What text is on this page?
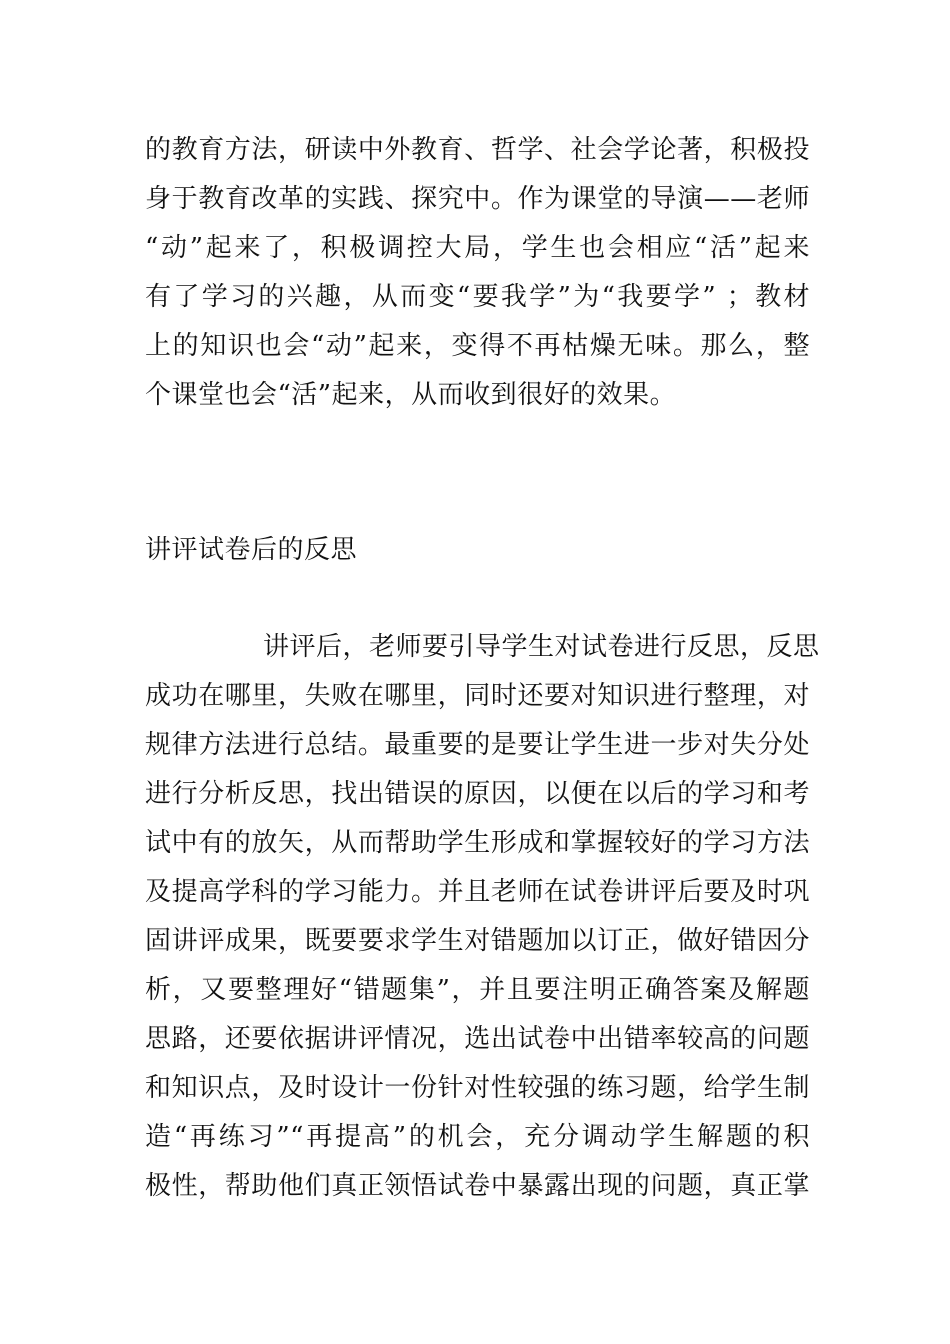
的教育方法，研读中外教育、哲学、社会学论著，积极投
身于教育改革的实践、探究中。作为课堂的导演——老师
“动”起来了，积极调控大局，学生也会相应“活”起来
有了学习的兴趣，从而变“要我学”为“我要学” ；教材
上的知识也会“动”起来，变得不再枯燥无味。那么，整
个课堂也会“活”起来，从而收到很好的效果。
讲评试卷后的反思
讲评后，老师要引导学生对试卷进行反思，反思
成功在哪里，失败在哪里，同时还要对知识进行整理，对
规律方法进行总结。最重要的是要让学生进一步对失分处
进行分析反思，找出错误的原因，以便在以后的学习和考
试中有的放矢，从而帮助学生形成和掌握较好的学习方法
及提高学科的学习能力。并且老师在试卷讲评后要及时巩
固讲评成果，既要要求学生对错题加以订正，做好错因分
析，又要整理好“错题集”，并且要注明正确答案及解题
思路，还要依据讲评情况，选出试卷中出错率较高的问题
和知识点，及时设计一份针对性较强的练习题，给学生制
造“再练习”“再提高”的机会，充分调动学生解题的积
极性，帮助他们真正领悟试卷中暴露出现的问题，真正掌
